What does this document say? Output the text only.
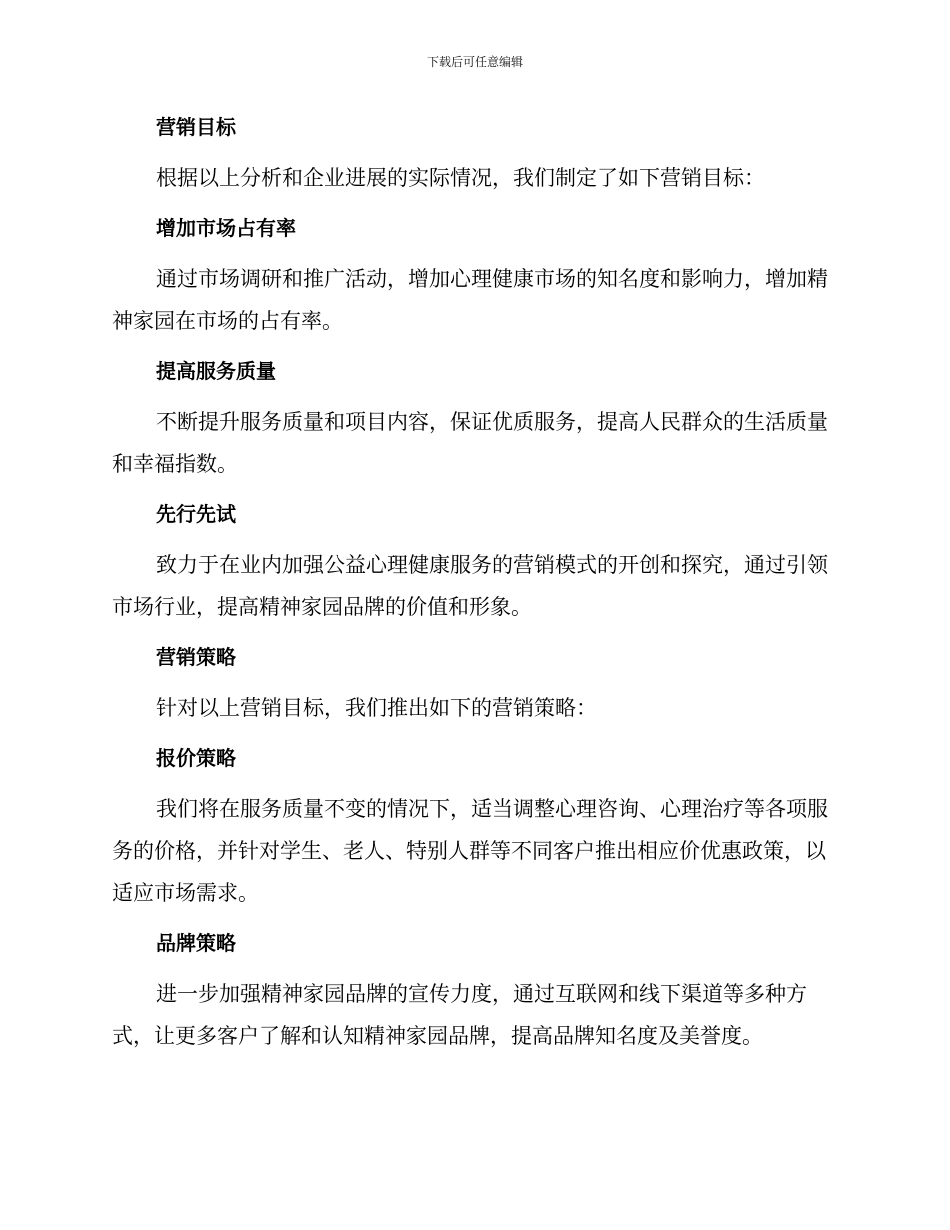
下载后可任意编辑
营销目标

根据以上分析和企业进展的实际情况，我们制定了如下营销目标：

增加市场占有率

通过市场调研和推广活动，增加心理健康市场的知名度和影响力，增加精神家园在市场的占有率。

提高服务质量

不断提升服务质量和项目内容，保证优质服务，提高人民群众的生活质量和幸福指数。

先行先试

致力于在业内加强公益心理健康服务的营销模式的开创和探究，通过引领市场行业，提高精神家园品牌的价值和形象。

营销策略

针对以上营销目标，我们推出如下的营销策略：

报价策略

我们将在服务质量不变的情况下，适当调整心理咨询、心理治疗等各项服务的价格，并针对学生、老人、特别人群等不同客户推出相应价优惠政策，以适应市场需求。

品牌策略

进一步加强精神家园品牌的宣传力度，通过互联网和线下渠道等多种方式，让更多客户了解和认知精神家园品牌，提高品牌知名度及美誉度。
